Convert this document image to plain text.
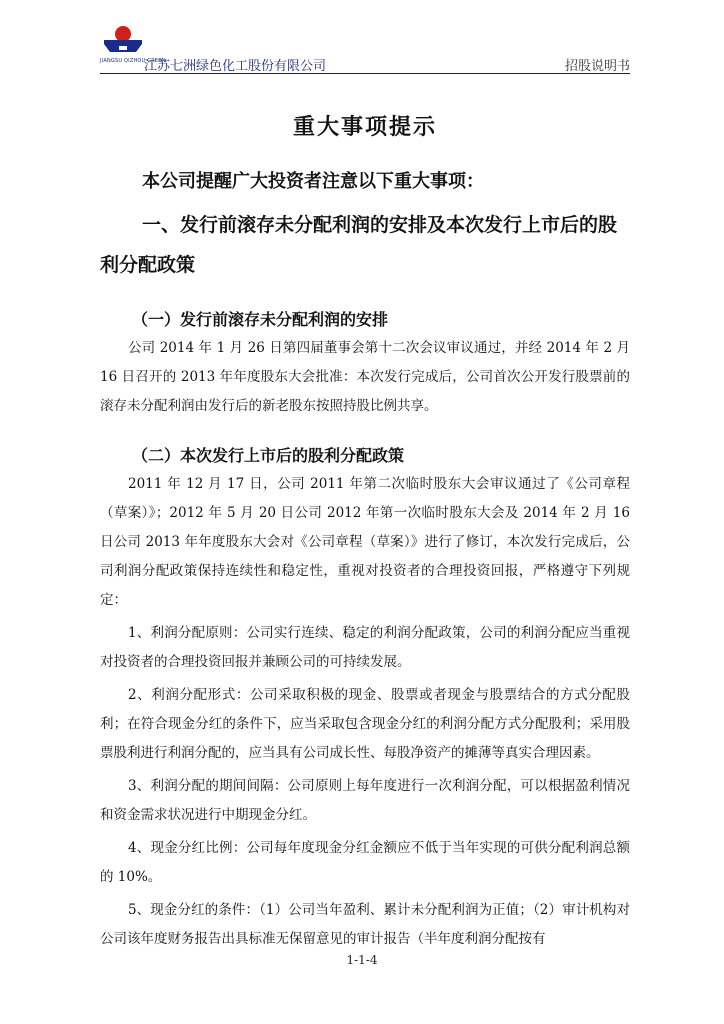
JIANGSU QIZHOU GREEN
江苏七洲绿色化工股份有限公司	招股说明书
重大事项提示
本公司提醒广大投资者注意以下重大事项：
一、发行前滚存未分配利润的安排及本次发行上市后的股利分配政策
（一）发行前滚存未分配利润的安排
公司 2014 年 1 月 26 日第四届董事会第十二次会议审议通过，并经 2014 年 2 月 16 日召开的 2013 年年度股东大会批准：本次发行完成后，公司首次公开发行股票前的滚存未分配利润由发行后的新老股东按照持股比例共享。
（二）本次发行上市后的股利分配政策
2011 年 12 月 17 日，公司 2011 年第二次临时股东大会审议通过了《公司章程（草案）》；2012 年 5 月 20 日公司 2012 年第一次临时股东大会及 2014 年 2 月 16 日公司 2013 年年度股东大会对《公司章程（草案）》进行了修订，本次发行完成后，公司利润分配政策保持连续性和稳定性，重视对投资者的合理投资回报，严格遵守下列规定：
1、利润分配原则：公司实行连续、稳定的利润分配政策，公司的利润分配应当重视对投资者的合理投资回报并兼顾公司的可持续发展。
2、利润分配形式：公司采取积极的现金、股票或者现金与股票结合的方式分配股利；在符合现金分红的条件下，应当采取包含现金分红的利润分配方式分配股利；采用股票股利进行利润分配的，应当具有公司成长性、每股净资产的摊薄等真实合理因素。
3、利润分配的期间间隔：公司原则上每年度进行一次利润分配，可以根据盈利情况和资金需求状况进行中期现金分红。
4、现金分红比例：公司每年度现金分红金额应不低于当年实现的可供分配利润总额的 10%。
5、现金分红的条件：（1）公司当年盈利、累计未分配利润为正值；（2）审计机构对公司该年度财务报告出具标准无保留意见的审计报告（半年度利润分配按有
1-1-4
